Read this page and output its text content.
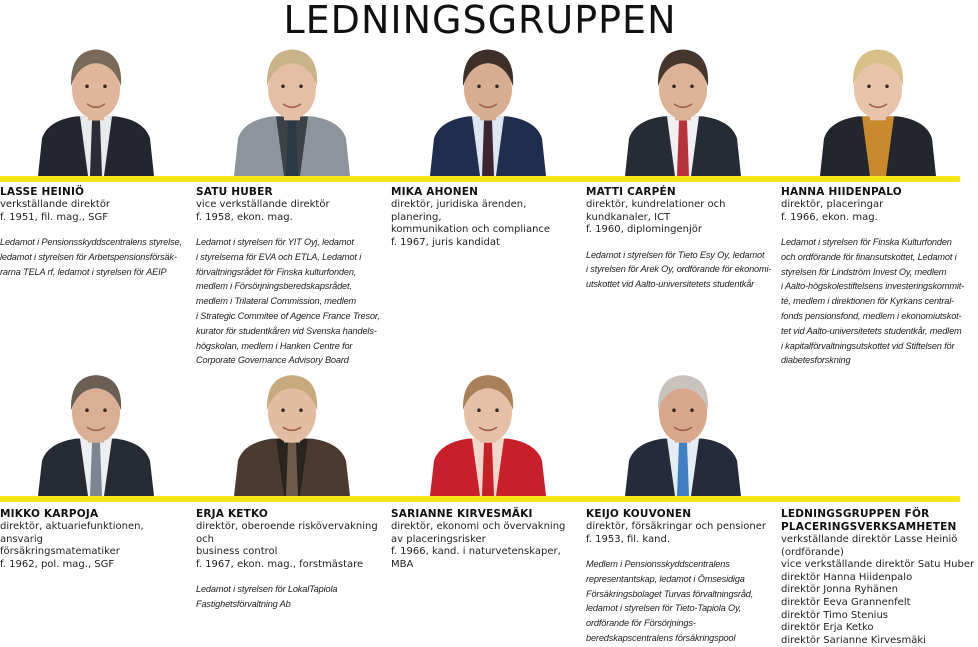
LEDNINGSGRUPPEN
LASSE HEINIÖ
verkställande direktör
f. 1951, fil. mag., SGF
Ledamot i Pensionsskyddscentralens styrelse,
ledamot i styrelsen för Arbetspensionsförsäk-
rarna TELA rf, ledamot i styrelsen för AEIP
SATU HUBER
vice verkställande direktör
f. 1958, ekon. mag.
Ledamot i styrelsen för YIT Oyj, ledamot
i styrelserna för EVA och ETLA, Ledamot i
förvaltningsrådet för Finska kulturfonden,
medlem i Försörjningsberedskapsrådet,
medlem i Trilateral Commission, medlem
i Strategic Commitee of Agence France Tresor,
kurator för studentkåren vid Svenska handels-
högskolan, medlem i Hanken Centre for
Corporate Governance Advisory Board
MIKA AHONEN
direktör, juridiska ärenden, planering,
kommunikation och compliance
f. 1967, juris kandidat
MATTI CARPÉN
direktör, kundrelationer och
kundkanaler, ICT
f. 1960, diplomingenjör
Ledamot i styrelsen för Tieto Esy Oy, ledamot
i styrelsen för Arek Oy, ordförande för ekonomi-
utskottet vid Aalto-universitetets studentkår
HANNA HIIDENPALO
direktör, placeringar
f. 1966, ekon. mag.
Ledamot i styrelsen för Finska Kulturfonden
och ordförande för finansutskottet, Ledamot i
styrelsen för Lindström Invest Oy, medlem
i Aalto-högskolestiftelsens investeringskommit-
té, medlem i direktionen för Kyrkans central-
fonds pensionsfond, medlem i ekonomiutskot-
tet vid Aalto-universitetets studentkår, medlem
i kapitalförvaltningsutskottet vid Stiftelsen för
diabetesforskning
MIKKO KARPOJA
direktör, aktuariefunktionen, ansvarig
försäkringsmatematiker
f. 1962, pol. mag., SGF
ERJA KETKO
direktör, oberoende riskövervakning och
business control
f. 1967, ekon. mag., forstmästare
Ledamot i styrelsen för LokalTapiola
Fastighetsförvaltning Ab
SARIANNE KIRVESMÄKI
direktör, ekonomi och övervakning
av placeringsrisker
f. 1966, kand. i naturvetenskaper, MBA
KEIJO KOUVONEN
direktör, försäkringar och pensioner
f. 1953, fil. kand.
Medlem i Pensionsskyddscentralens
representantskap, ledamot i Ömsesidiga
Försäkringsbolaget Turvas förvaltningsråd,
ledamot i styrelsen för Tieto-Tapiola Oy,
ordförande för Försörjnings-
beredskapscentralens försäkringspool
LEDNINGSGRUPPEN FÖR
PLACERINGSVERKSAMHETEN
verkställande direktör Lasse Heiniö
(ordförande)
vice verkställande direktör Satu Huber
direktör Hanna Hiidenpalo
direktör Jonna Ryhänen
direktör Eeva Grannenfelt
direktör Timo Stenius
direktör Erja Ketko
direktör Sarianne Kirvesmäki
